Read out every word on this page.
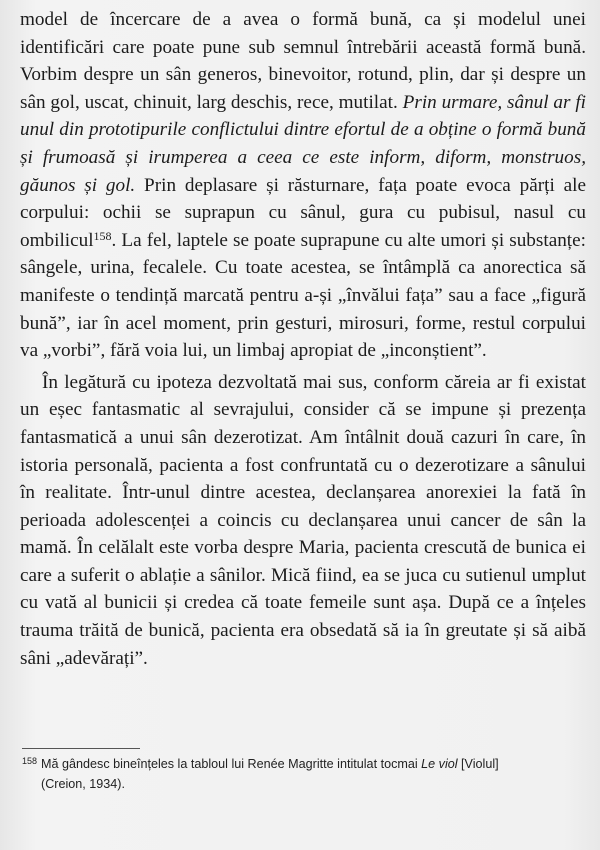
model de încercare de a avea o formă bună, ca și modelul unei identificări care poate pune sub semnul întrebării această formă bună. Vorbim despre un sân generos, binevoitor, rotund, plin, dar și despre un sân gol, uscat, chinuit, larg deschis, rece, mutilat. Prin urmare, sânul ar fi unul din prototipurile conflictului dintre efortul de a obține o formă bună și frumoasă și irumperea a ceea ce este inform, diform, monstruos, găunos și gol. Prin deplasare și răsturnare, fața poate evoca părți ale corpului: ochii se suprapun cu sânul, gura cu pubisul, nasul cu ombilicul$^{158}$. La fel, laptele se poate suprapune cu alte umori și substanțe: sângele, urina, fecalele. Cu toate acestea, se întâmplă ca anorectica să manifeste o tendință marcată pentru a-și „învălui fața” sau a face „figură bună”, iar în acel moment, prin gesturi, mirosuri, forme, restul corpului va „vorbi”, fără voia lui, un limbaj apropiat de „inconștient”.

În legătură cu ipoteza dezvoltată mai sus, conform căreia ar fi existat un eșec fantasmatic al sevrajului, consider că se impune și prezența fantasmatică a unui sân dezerotizat. Am întâlnit două cazuri în care, în istoria personală, pacienta a fost confruntată cu o dezerotizare a sânului în realitate. Într-unul dintre acestea, declanșarea anorexiei la fată în perioada adolescenței a coincis cu declanșarea unui cancer de sân la mamă. În celălalt este vorba despre Maria, pacienta crescută de bunica ei care a suferit o ablație a sânilor. Mică fiind, ea se juca cu sutienul umplut cu vată al bunicii și credea că toate femeile sunt așa. După ce a înțeles trauma trăită de bunică, pacienta era obsedată să ia în greutate și să aibă sâni „adevărați”.

$^{158}$ Mă gândesc bineînțeles la tabloul lui Renée Magritte intitulat tocmai Le viol [Violul]
(Creion, 1934).
